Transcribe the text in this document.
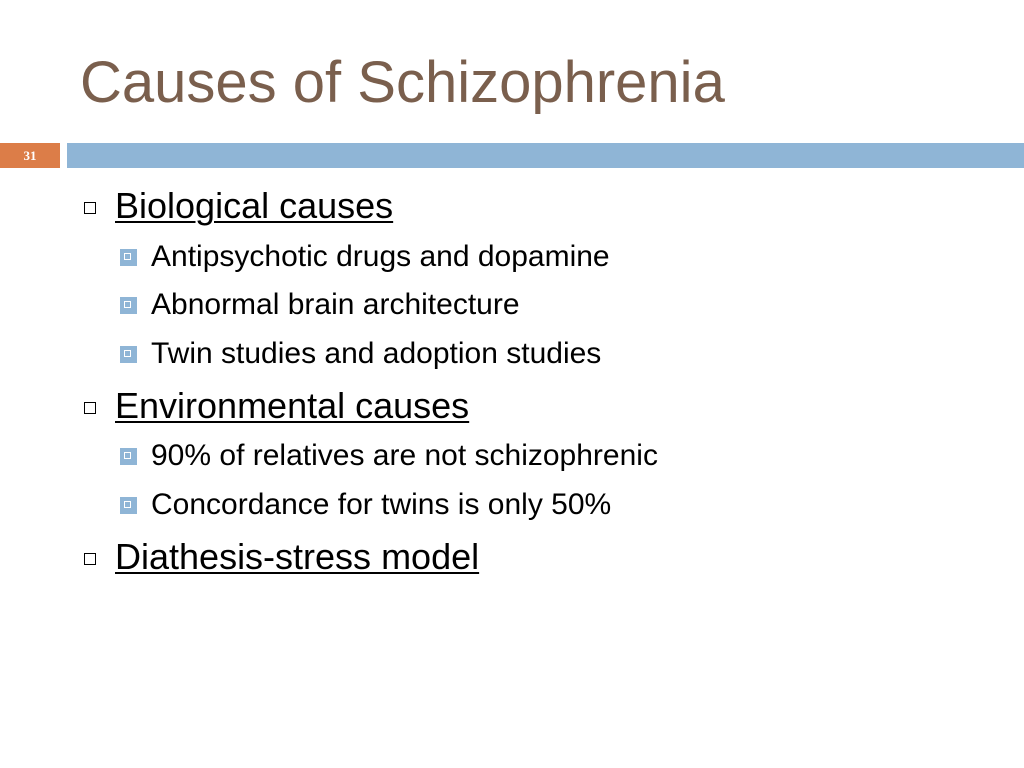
Causes of Schizophrenia
31
Biological causes
Antipsychotic drugs and dopamine
Abnormal brain architecture
Twin studies and adoption studies
Environmental causes
90% of relatives are not schizophrenic
Concordance for twins is only 50%
Diathesis-stress model
